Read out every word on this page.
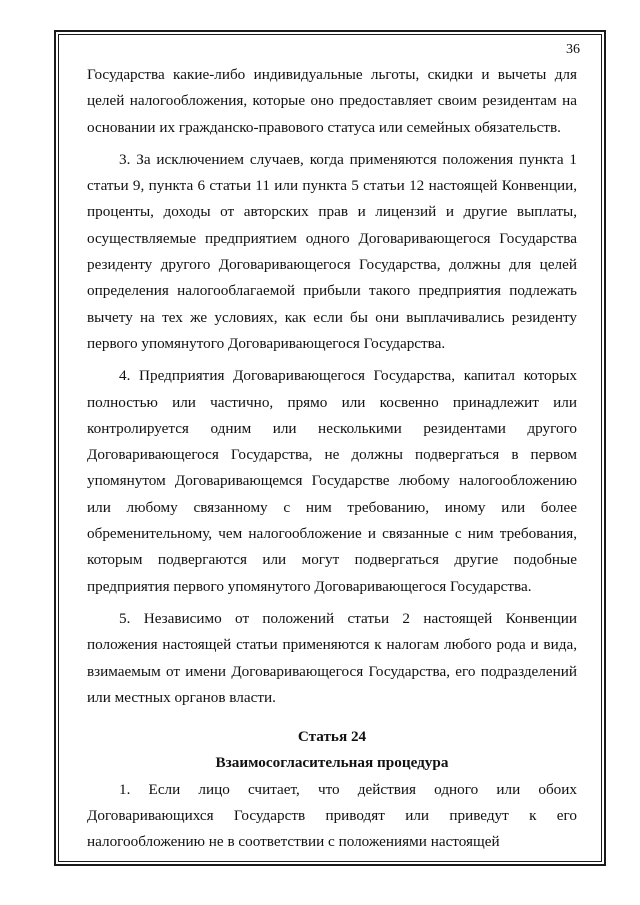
36

Государства какие-либо индивидуальные льготы, скидки и вычеты для целей налогообложения, которые оно предоставляет своим резидентам на основании их гражданско-правового статуса или семейных обязательств.

3. За исключением случаев, когда применяются положения пункта 1 статьи 9, пункта 6 статьи 11 или пункта 5 статьи 12 настоящей Конвенции, проценты, доходы от авторских прав и лицензий и другие выплаты, осуществляемые предприятием одного Договаривающегося Государства резиденту другого Договаривающегося Государства, должны для целей определения налогооблагаемой прибыли такого предприятия подлежать вычету на тех же условиях, как если бы они выплачивались резиденту первого упомянутого Договаривающегося Государства.

4. Предприятия Договаривающегося Государства, капитал которых полностью или частично, прямо или косвенно принадлежит или контролируется одним или несколькими резидентами другого Договаривающегося Государства, не должны подвергаться в первом упомянутом Договаривающемся Государстве любому налогообложению или любому связанному с ним требованию, иному или более обременительному, чем налогообложение и связанные с ним требования, которым подвергаются или могут подвергаться другие подобные предприятия первого упомянутого Договаривающегося Государства.

5. Независимо от положений статьи 2 настоящей Конвенции положения настоящей статьи применяются к налогам любого рода и вида, взимаемым от имени Договаривающегося Государства, его подразделений или местных органов власти.

Статья 24
Взаимосогласительная процедура

1. Если лицо считает, что действия одного или обоих Договаривающихся Государств приводят или приведут к его налогообложению не в соответствии с положениями настоящей
